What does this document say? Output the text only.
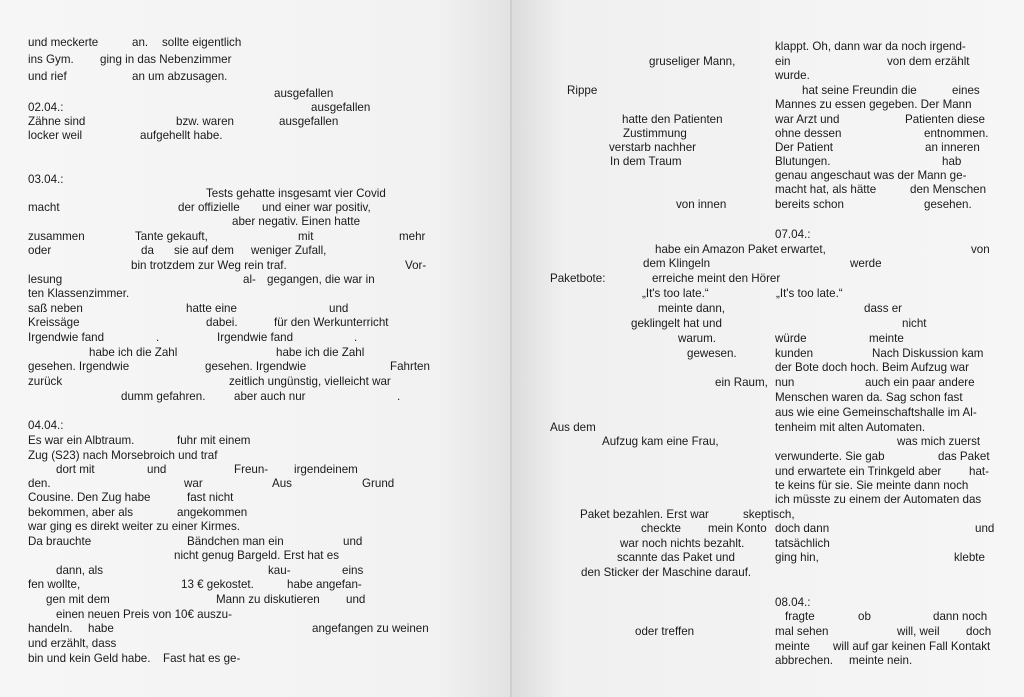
und meckerte	an. sollte eigentlich
ins Gym. ging in das Nebenzimmer
und rief	an um abzusagen.
ausgefallen
02.04.:	ausgefallen
Zähne sind	bzw. waren	ausgefallen
locker weil	aufgehellt habe.
03.04.:
Tests gehatte insgesamt vier Covid
macht	der offizielle und einer war positiv,
aber negativ. Einen hatte
zusammen	Tante gekauft,	mit	mehr
oder	da sie auf dem weniger Zufall,
bin trotzdem zur Weg rein traf.	Vor-
lesung	al- gegangen, die war in
ten Klassenzimmer.
saß neben	hatte eine	und
Kreissäge	dabei.	für den Werkunterricht
Irgendwie fand	.	Irgendwie fand	.
habe ich die Zahl	habe ich die Zahl
gesehen. Irgendwie	gesehen. Irgendwie	Fahrten
zurück	zeitlich ungünstig, vielleicht war
dumm gefahren. aber auch nur	.
04.04.:
Es war ein Albtraum.	fuhr mit einem
Zug (S23) nach Morsebroich und traf
dort mit	und	Freun- irgendeinem
den.	war	Aus	Grund
Cousine. Den Zug habe	fast nicht
bekommen, aber als	angekommen
war ging es direkt weiter zu einer Kirmes.
Da brauchte	Bändchen man ein	und
nicht genug Bargeld. Erst hat es
dann, als	kau-	eins
fen wollte,	13 € gekostet.	habe angefan-
gen mit dem	Mann zu diskutieren und
einen neuen Preis von 10€ auszu-
handeln. habe	angefangen zu weinen
und erzählt, dass
bin und kein Geld habe. Fast hat es ge-
klappt. Oh, dann war da noch irgend-
gruseliger Mann,	ein	von dem erzählt
wurde.
Rippe	hat seine Freundin die	eines
Mannes zu essen gegeben. Der Mann
hatte den Patienten	war Arzt und	Patienten diese
Zustimmung	ohne dessen	entnommen.
verstarb nachher	Der Patient	an inneren
In dem Traum	Blutungen.	hab
genau angeschaut was der Mann ge-
macht hat, als hätte	den Menschen
von innen	bereits schon	gesehen.
07.04.:
habe ein Amazon Paket erwartet,	von
dem Klingeln	werde
Paketbote:	erreiche meint den Hörer
„It's too late.“	„It's too late.“
meinte dann,	dass er
geklingelt hat und	nicht
warum.	würde	meinte
gewesen.	kunden	Nach Diskussion kam
der Bote doch hoch. Beim Aufzug war
ein Raum, nun	auch ein paar andere
Menschen waren da. Sag schon fast
aus wie eine Gemeinschaftshalle im Al-
Aus dem	tenheim mit alten Automaten.
Aufzug kam eine Frau,	was mich zuerst
verwunderte. Sie gab	das Paket
und erwartete ein Trinkgeld aber hat-
te keins für sie. Sie meinte dann noch
ich müsste zu einem der Automaten das
Paket bezahlen. Erst war	skeptisch,
checkte mein Konto doch dann	und
war noch nichts bezahlt.	tatsächlich
scannte das Paket und	ging hin,	klebte
den Sticker der Maschine darauf.
08.04.:
fragte	ob	dann noch
oder treffen	mal sehen	will, weil doch
meinte will auf gar keinen Fall Kontakt
abbrechen. meinte nein.
